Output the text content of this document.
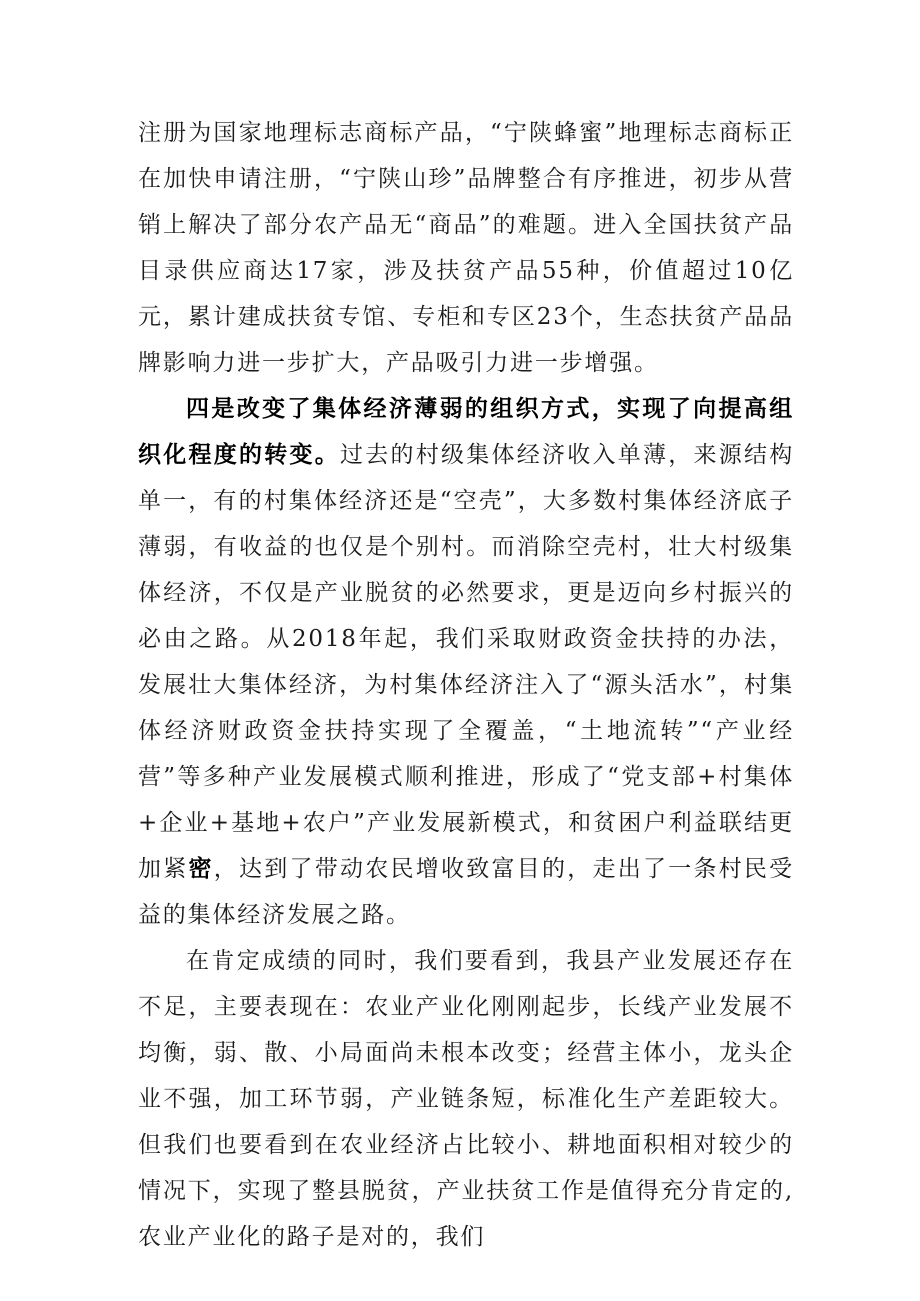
注册为国家地理标志商标产品，“宁陕蜂蜜”地理标志商标正在加快申请注册，“宁陕山珍”品牌整合有序推进，初步从营销上解决了部分农产品无“商品”的难题。进入全国扶贫产品目录供应商达17家，涉及扶贫产品55种，价值超过10亿元，累计建成扶贫专馆、专柜和专区23个，生态扶贫产品品牌影响力进一步扩大，产品吸引力进一步增强。

四是改变了集体经济薄弱的组织方式，实现了向提高组织化程度的转变。过去的村级集体经济收入单薄，来源结构单一，有的村集体经济还是“空壳”，大多数村集体经济底子薄弱，有收益的也仅是个别村。而消除空壳村，壮大村级集体经济，不仅是产业脱贫的必然要求，更是迈向乡村振兴的必由之路。从2018年起，我们采取财政资金扶持的办法，发展壮大集体经济，为村集体经济注入了“源头活水”，村集体经济财政资金扶持实现了全覆盖，“土地流转”“产业经营”等多种产业发展模式顺利推进，形成了“党支部+村集体+企业+基地+农户”产业发展新模式，和贫困户利益联结更加紧密，达到了带动农民增收致富目的，走出了一条村民受益的集体经济发展之路。

在肯定成绩的同时，我们要看到，我县产业发展还存在不足，主要表现在：农业产业化刚刚起步，长线产业发展不均衡，弱、散、小局面尚未根本改变；经营主体小，龙头企业不强，加工环节弱，产业链条短，标准化生产差距较大。但我们也要看到在农业经济占比较小、耕地面积相对较少的情况下，实现了整县脱贫，产业扶贫工作是值得充分肯定的,农业产业化的路子是对的，我们
